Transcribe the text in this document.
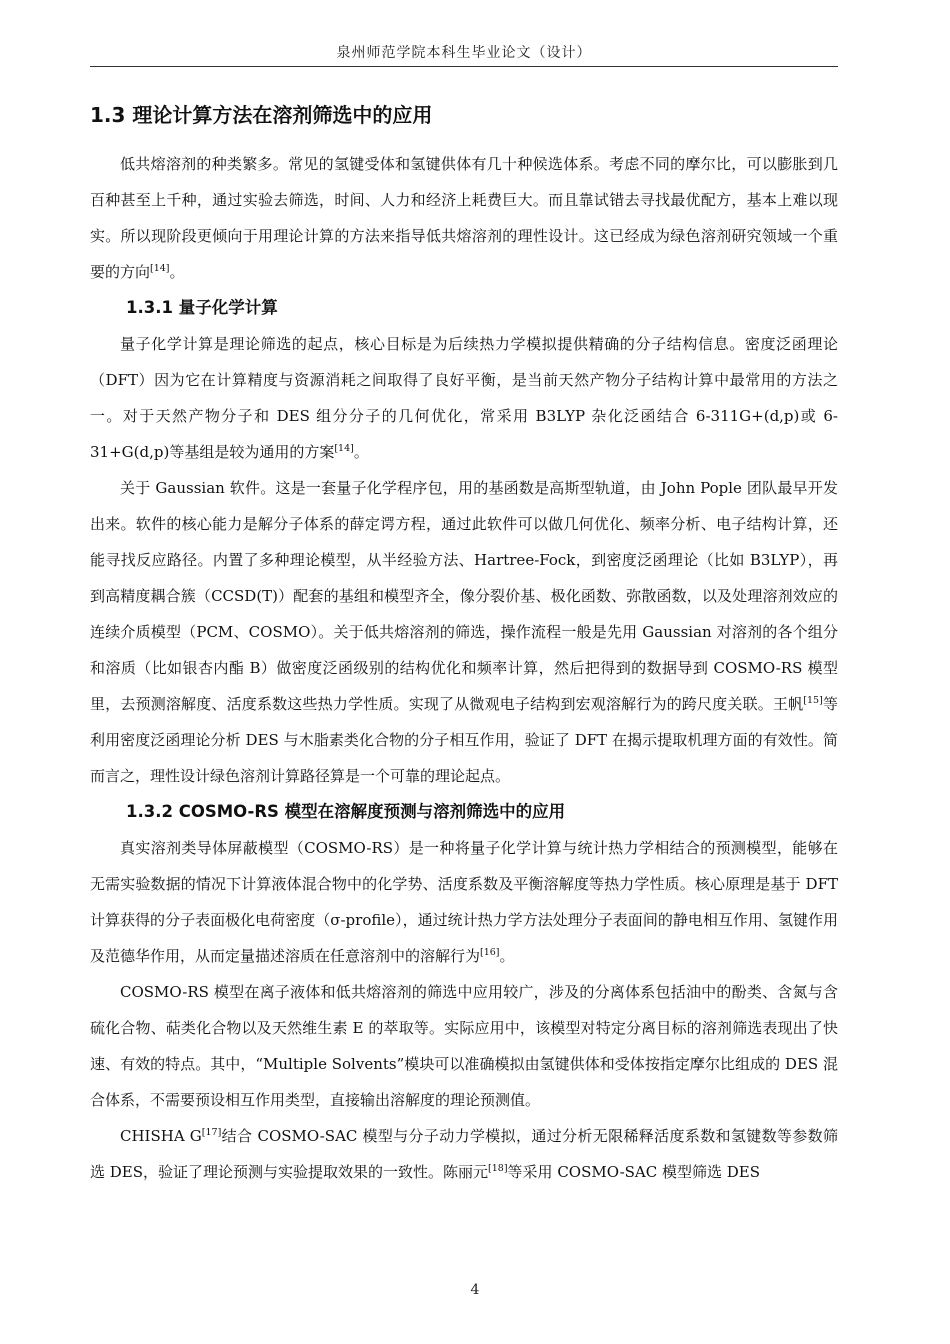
泉州师范学院本科生毕业论文（设计）
1.3 理论计算方法在溶剂筛选中的应用

低共熔溶剂的种类繁多。常见的氢键受体和氢键供体有几十种候选体系。考虑不同的摩尔比，可以膨胀到几百种甚至上千种，通过实验去筛选，时间、人力和经济上耗费巨大。而且靠试错去寻找最优配方，基本上难以现实。所以现阶段更倾向于用理论计算的方法来指导低共熔溶剂的理性设计。这已经成为绿色溶剂研究领域一个重要的方向[14]。

1.3.1 量子化学计算

量子化学计算是理论筛选的起点，核心目标是为后续热力学模拟提供精确的分子结构信息。密度泛函理论（DFT）因为它在计算精度与资源消耗之间取得了良好平衡，是当前天然产物分子结构计算中最常用的方法之一。对于天然产物分子和 DES 组分分子的几何优化，常采用 B3LYP 杂化泛函结合 6-311G+(d,p)或 6-31+G(d,p)等基组是较为通用的方案[14]。

关于 Gaussian 软件。这是一套量子化学程序包，用的基函数是高斯型轨道，由 John Pople 团队最早开发出来。软件的核心能力是解分子体系的薛定谔方程，通过此软件可以做几何优化、频率分析、电子结构计算，还能寻找反应路径。内置了多种理论模型，从半经验方法、Hartree-Fock，到密度泛函理论（比如 B3LYP），再到高精度耦合簇（CCSD(T)）配套的基组和模型齐全，像分裂价基、极化函数、弥散函数，以及处理溶剂效应的连续介质模型（PCM、COSMO）。关于低共熔溶剂的筛选，操作流程一般是先用 Gaussian 对溶剂的各个组分和溶质（比如银杏内酯 B）做密度泛函级别的结构优化和频率计算，然后把得到的数据导到 COSMO-RS 模型里，去预测溶解度、活度系数这些热力学性质。实现了从微观电子结构到宏观溶解行为的跨尺度关联。王帆[15]等利用密度泛函理论分析 DES 与木脂素类化合物的分子相互作用，验证了 DFT 在揭示提取机理方面的有效性。简而言之，理性设计绿色溶剂计算路径算是一个可靠的理论起点。

1.3.2 COSMO-RS 模型在溶解度预测与溶剂筛选中的应用

真实溶剂类导体屏蔽模型（COSMO-RS）是一种将量子化学计算与统计热力学相结合的预测模型，能够在无需实验数据的情况下计算液体混合物中的化学势、活度系数及平衡溶解度等热力学性质。核心原理是基于 DFT 计算获得的分子表面极化电荷密度（σ-profile），通过统计热力学方法处理分子表面间的静电相互作用、氢键作用及范德华作用，从而定量描述溶质在任意溶剂中的溶解行为[16]。

COSMO-RS 模型在离子液体和低共熔溶剂的筛选中应用较广，涉及的分离体系包括油中的酚类、含氮与含硫化合物、萜类化合物以及天然维生素 E 的萃取等。实际应用中，该模型对特定分离目标的溶剂筛选表现出了快速、有效的特点。其中，“Multiple Solvents”模块可以准确模拟由氢键供体和受体按指定摩尔比组成的 DES 混合体系，不需要预设相互作用类型，直接输出溶解度的理论预测值。

CHISHA G[17]结合 COSMO-SAC 模型与分子动力学模拟，通过分析无限稀释活度系数和氢键数等参数筛选 DES，验证了理论预测与实验提取效果的一致性。陈丽元[18]等采用 COSMO-SAC 模型筛选 DES

4
